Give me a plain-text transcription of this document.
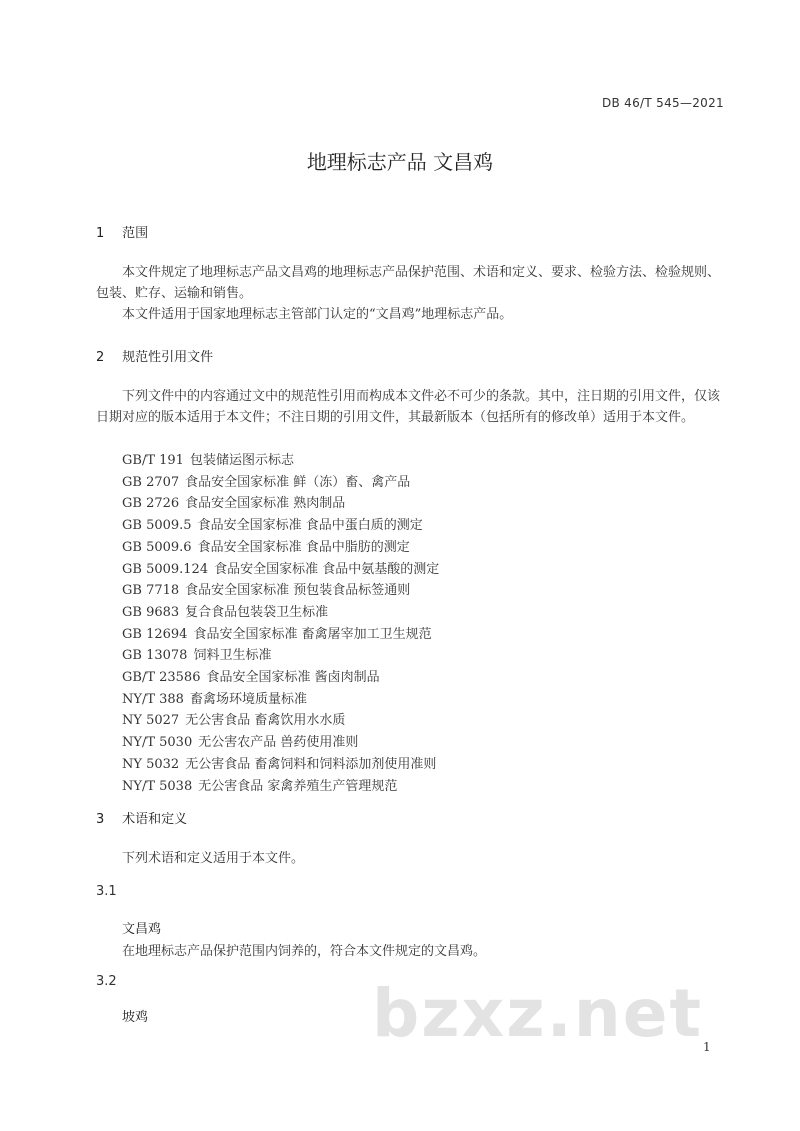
DB 46/T 545—2021
地理标志产品 文昌鸡
1 范围
本文件规定了地理标志产品文昌鸡的地理标志产品保护范围、术语和定义、要求、检验方法、检验规则、包装、贮存、运输和销售。
本文件适用于国家地理标志主管部门认定的“文昌鸡”地理标志产品。
2 规范性引用文件
下列文件中的内容通过文中的规范性引用而构成本文件必不可少的条款。其中，注日期的引用文件，仅该日期对应的版本适用于本文件；不注日期的引用文件，其最新版本（包括所有的修改单）适用于本文件。
GB/T 191 包装储运图示标志
GB 2707 食品安全国家标准 鲜（冻）畜、禽产品
GB 2726 食品安全国家标准 熟肉制品
GB 5009.5 食品安全国家标准 食品中蛋白质的测定
GB 5009.6 食品安全国家标准 食品中脂肪的测定
GB 5009.124 食品安全国家标准 食品中氨基酸的测定
GB 7718 食品安全国家标准 预包装食品标签通则
GB 9683 复合食品包装袋卫生标准
GB 12694 食品安全国家标准 畜禽屠宰加工卫生规范
GB 13078 饲料卫生标准
GB/T 23586 食品安全国家标准 酱卤肉制品
NY/T 388 畜禽场环境质量标准
NY 5027 无公害食品 畜禽饮用水水质
NY/T 5030 无公害农产品 兽药使用准则
NY 5032 无公害食品 畜禽饲料和饲料添加剂使用准则
NY/T 5038 无公害食品 家禽养殖生产管理规范
3 术语和定义
下列术语和定义适用于本文件。
3.1
文昌鸡
在地理标志产品保护范围内饲养的，符合本文件规定的文昌鸡。
3.2
坡鸡	bzxz.net 1
